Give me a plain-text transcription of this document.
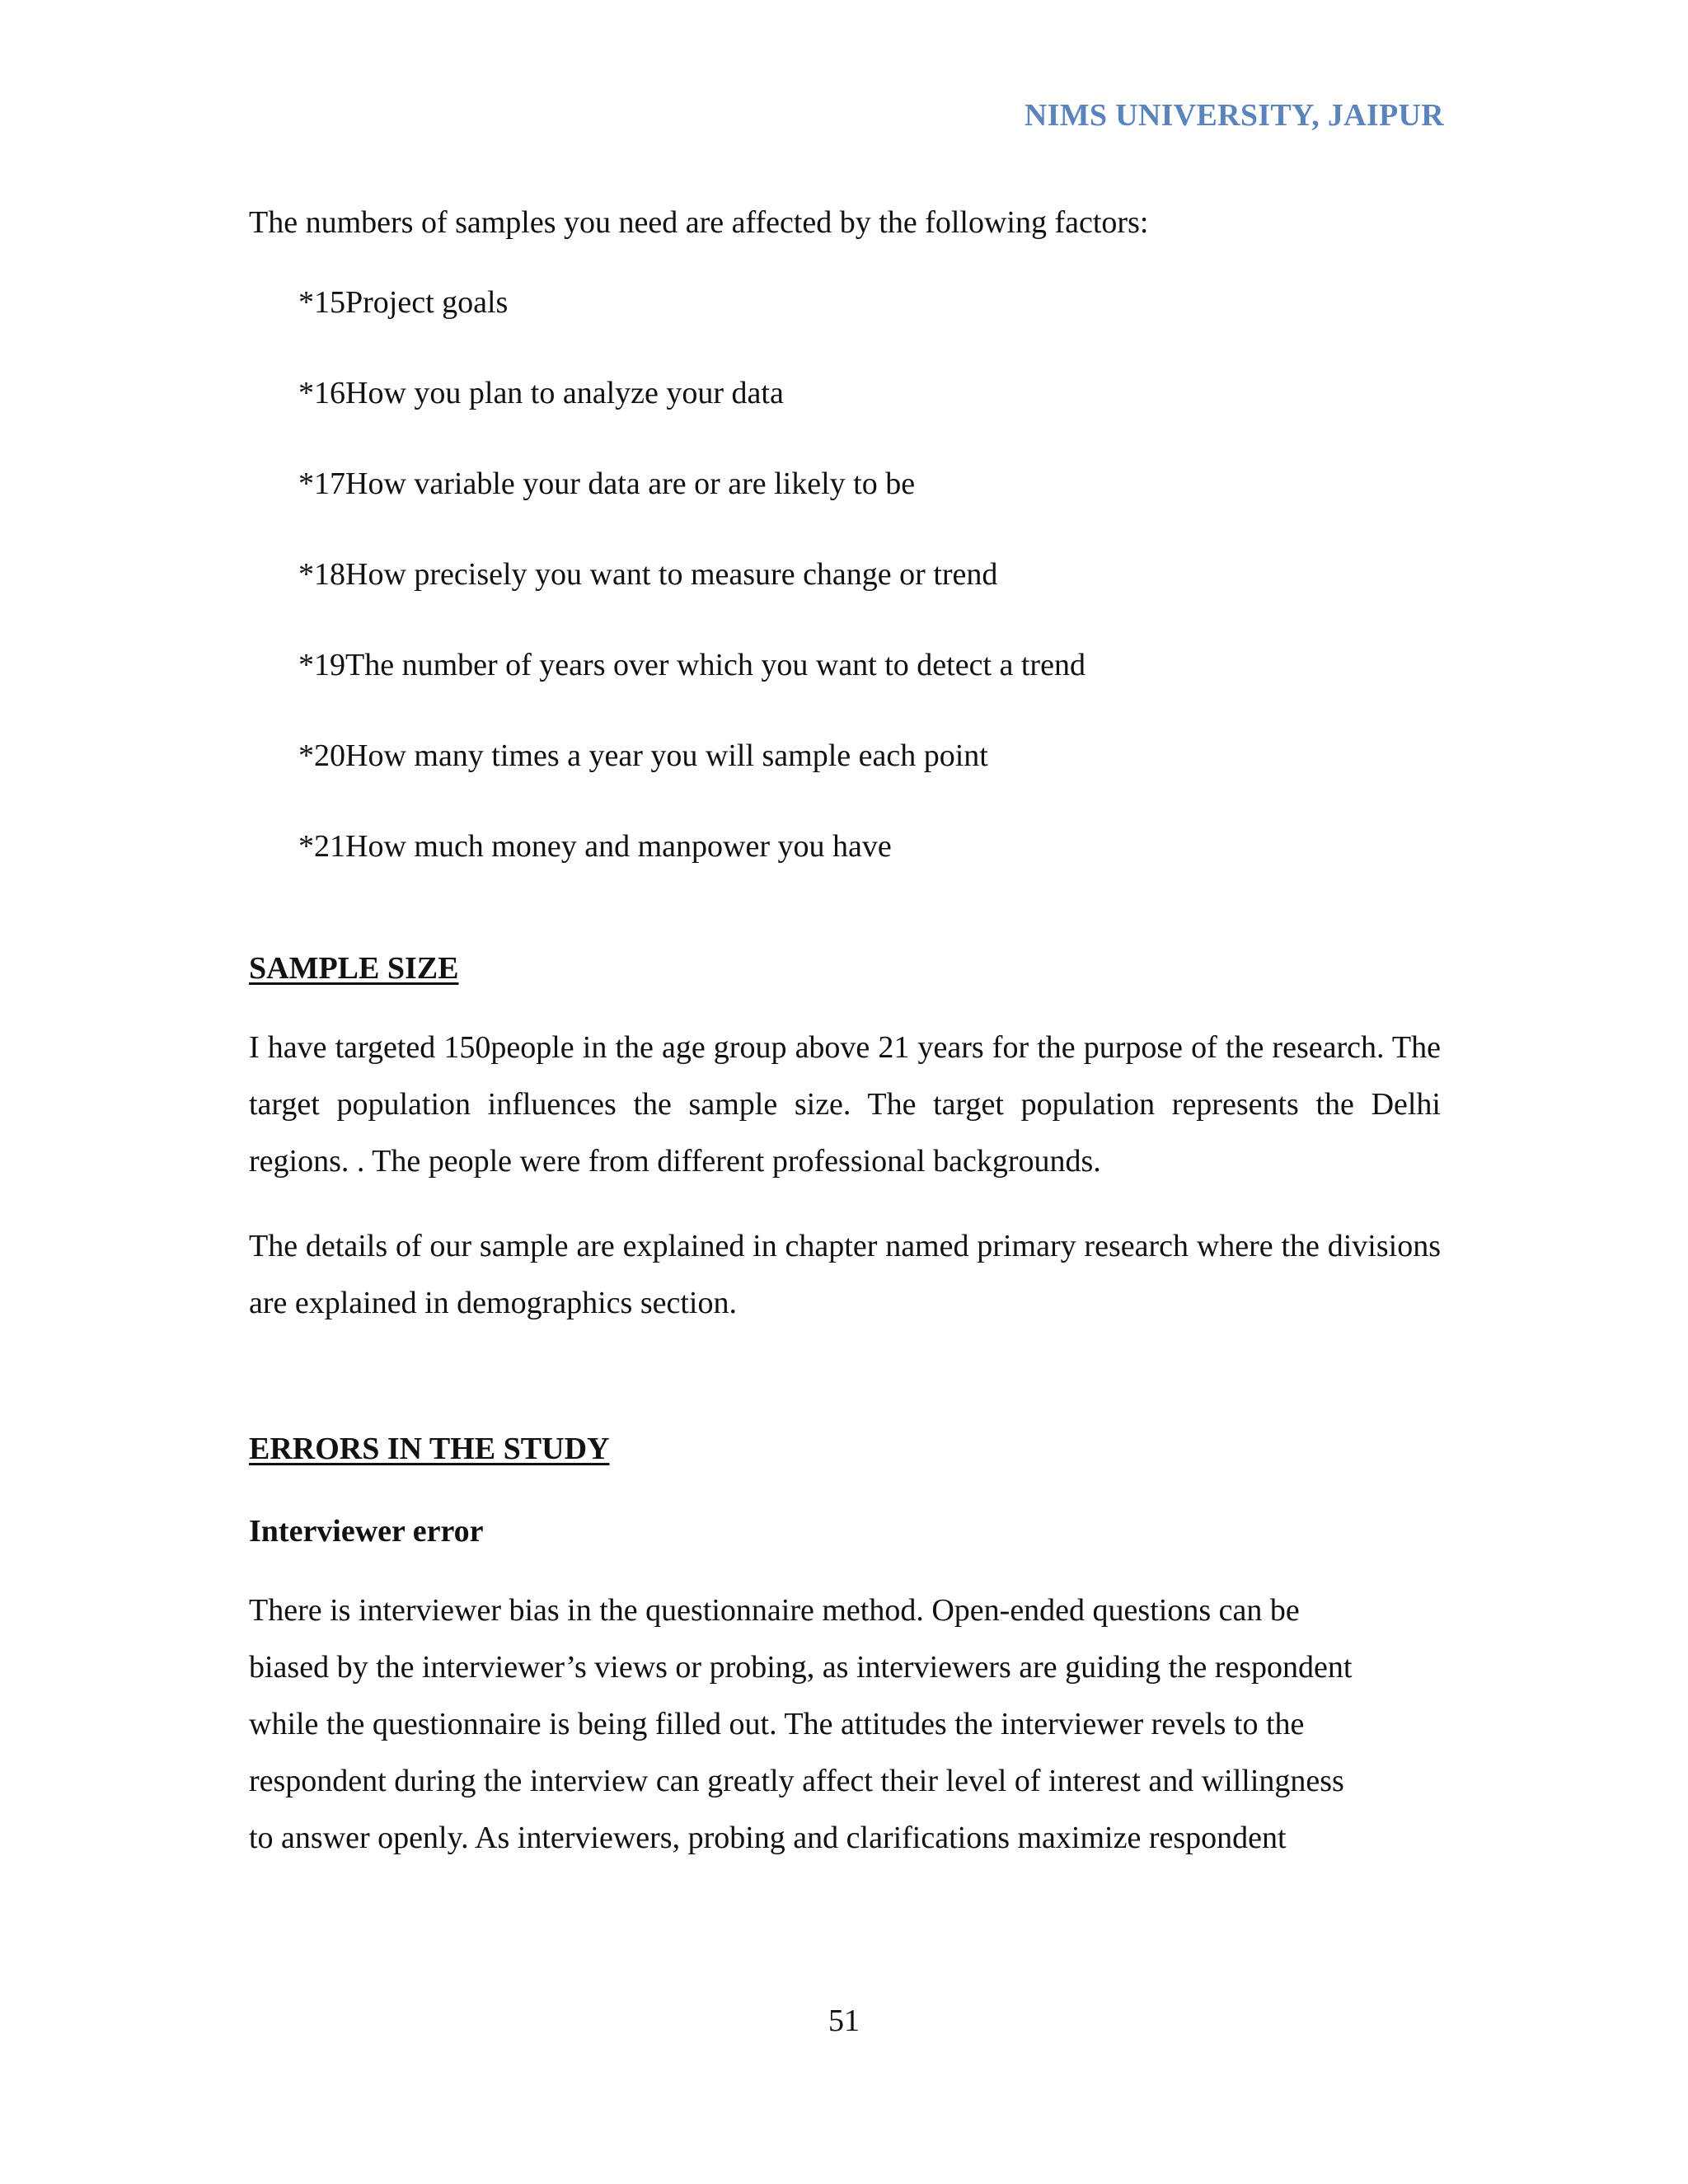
NIMS UNIVERSITY, JAIPUR

The numbers of samples you need are affected by the following factors:

*15Project goals
*16How you plan to analyze your data
*17How variable your data are or are likely to be
*18How precisely you want to measure change or trend
*19The number of years over which you want to detect a trend
*20How many times a year you will sample each point
*21How much money and manpower you have
SAMPLE SIZE

I have targeted 150people in the age group above 21 years for the purpose of the research. The target population influences the sample size. The target population represents the Delhi regions. . The people were from different professional backgrounds.

The details of our sample are explained in chapter named primary research where the divisions are explained in demographics section.

ERRORS IN THE STUDY
Interviewer error

There is interviewer bias in the questionnaire method. Open-ended questions can be
biased by the interviewer’s views or probing, as interviewers are guiding the respondent
while the questionnaire is being filled out. The attitudes the interviewer revels to the
respondent during the interview can greatly affect their level of interest and willingness
to answer openly. As interviewers, probing and clarifications maximize respondent

51
